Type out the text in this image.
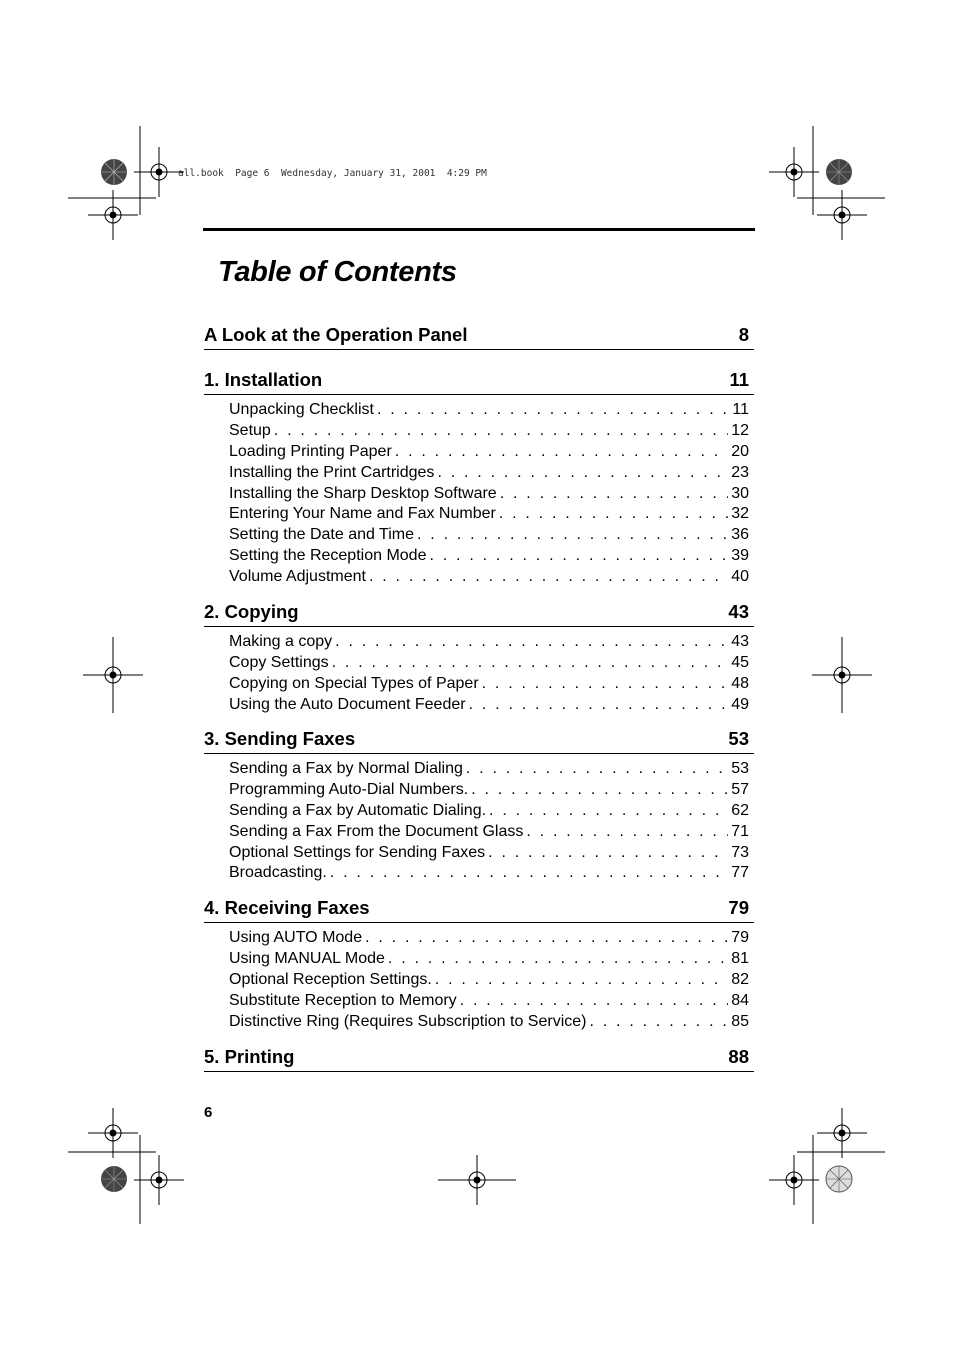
all.book  Page 6  Wednesday, January 31, 2001  4:29 PM
Table of Contents
A Look at the Operation Panel	8
1. Installation	11
Unpacking Checklist . . .	11
Setup . . .	12
Loading Printing Paper . . .	20
Installing the Print Cartridges . . .	23
Installing the Sharp Desktop Software . . .	30
Entering Your Name and Fax Number . . .	32
Setting the Date and Time . . .	36
Setting the Reception Mode . . .	39
Volume Adjustment . . .	40
2. Copying	43
Making a copy . . .	43
Copy Settings . . .	45
Copying on Special Types of Paper . . .	48
Using the Auto Document Feeder . . .	49
3. Sending Faxes	53
Sending a Fax by Normal Dialing . . .	53
Programming Auto-Dial Numbers. . . .	57
Sending a Fax by Automatic Dialing. . . .	62
Sending a Fax From the Document Glass . . .	71
Optional Settings for Sending Faxes . . .	73
Broadcasting. . . .	77
4. Receiving Faxes	79
Using AUTO Mode . . .	79
Using MANUAL Mode . . .	81
Optional Reception Settings. . . .	82
Substitute Reception to Memory . . .	84
Distinctive Ring (Requires Subscription to Service) . . .	85
5. Printing	88
6
